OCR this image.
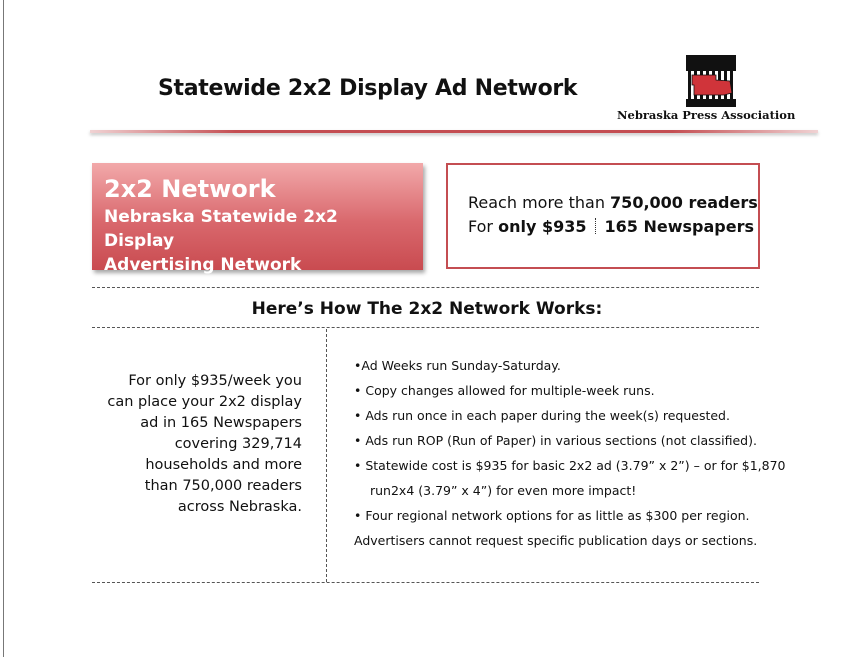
Statewide 2x2 Display Ad Network
Nebraska Press Association
2x2 Network
Nebraska Statewide 2x2 Display
Advertising Network
Reach more than 750,000 readers
For only $935 165 Newspapers
Here’s How The 2x2 Network Works:
For only $935/week you
can place your 2x2 display
ad in 165 Newspapers
covering 329,714
households and more
than 750,000 readers
across Nebraska.
•Ad Weeks run Sunday-Saturday.
• Copy changes allowed for multiple-week runs.
• Ads run once in each paper during the week(s) requested.
• Ads run ROP (Run of Paper) in various sections (not classified).
• Statewide cost is $935 for basic 2x2 ad (3.79” x 2”) – or for $1,870
run2x4 (3.79” x 4”) for even more impact!
• Four regional network options for as little as $300 per region.
Advertisers cannot request specific publication days or sections.
